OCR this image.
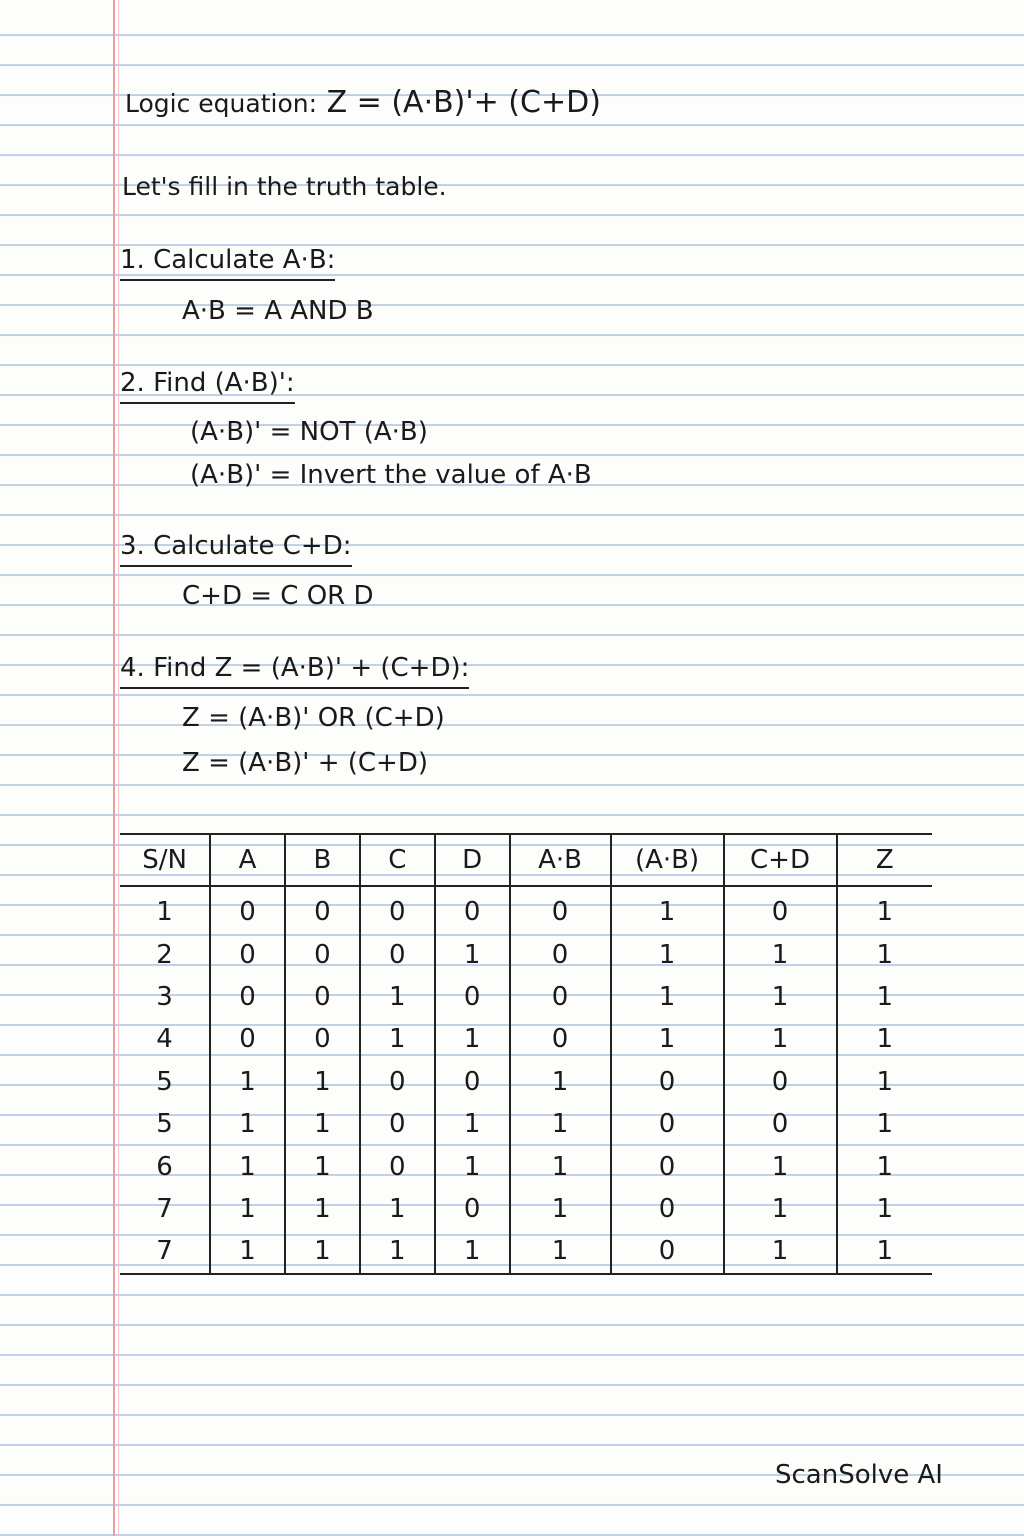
Logic equation: Z = (A·B)'+ (C+D)
Let's fill in the truth table.
1. Calculate A·B:
A·B = A AND B
2. Find (A·B)':
(A·B)' = NOT (A·B)
(A·B)' = Invert the value of A·B
3. Calculate C+D:
C+D = C OR D
4. Find Z = (A·B)' + (C+D):
Z = (A·B)' OR (C+D)
Z = (A·B)' + (C+D)
S/N	A	B	C	D	A·B	(A·B)	C+D	Z
1	0	0	0	0	0	1	0	1
2	0	0	0	1	0	1	1	1
3	0	0	1	0	0	1	1	1
4	0	0	1	1	0	1	1	1
5	1	1	0	0	1	0	0	1
5	1	1	0	1	1	0	0	1
6	1	1	0	1	1	0	1	1
7	1	1	1	0	1	0	1	1
7	1	1	1	1	1	0	1	1
ScanSolve AI
